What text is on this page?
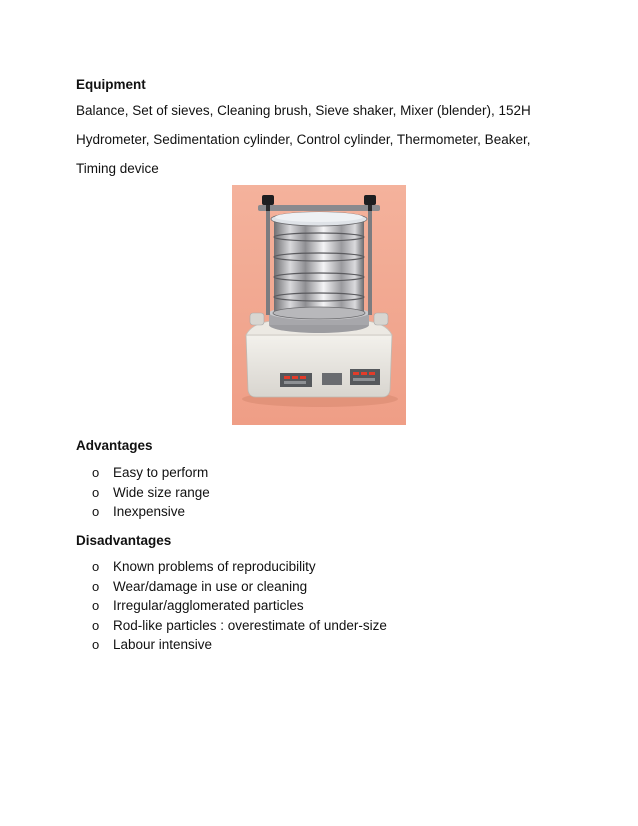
Equipment

Balance, Set of sieves, Cleaning brush, Sieve shaker, Mixer (blender), 152H

Hydrometer, Sedimentation cylinder, Control cylinder, Thermometer, Beaker,

Timing device

Advantages

o	Easy to perform
o	Wide size range
o	Inexpensive

Disadvantages

o	Known problems of reproducibility
o	Wear/damage in use or cleaning
o	Irregular/agglomerated particles
o	Rod-like particles : overestimate of under-size
o	Labour intensive
